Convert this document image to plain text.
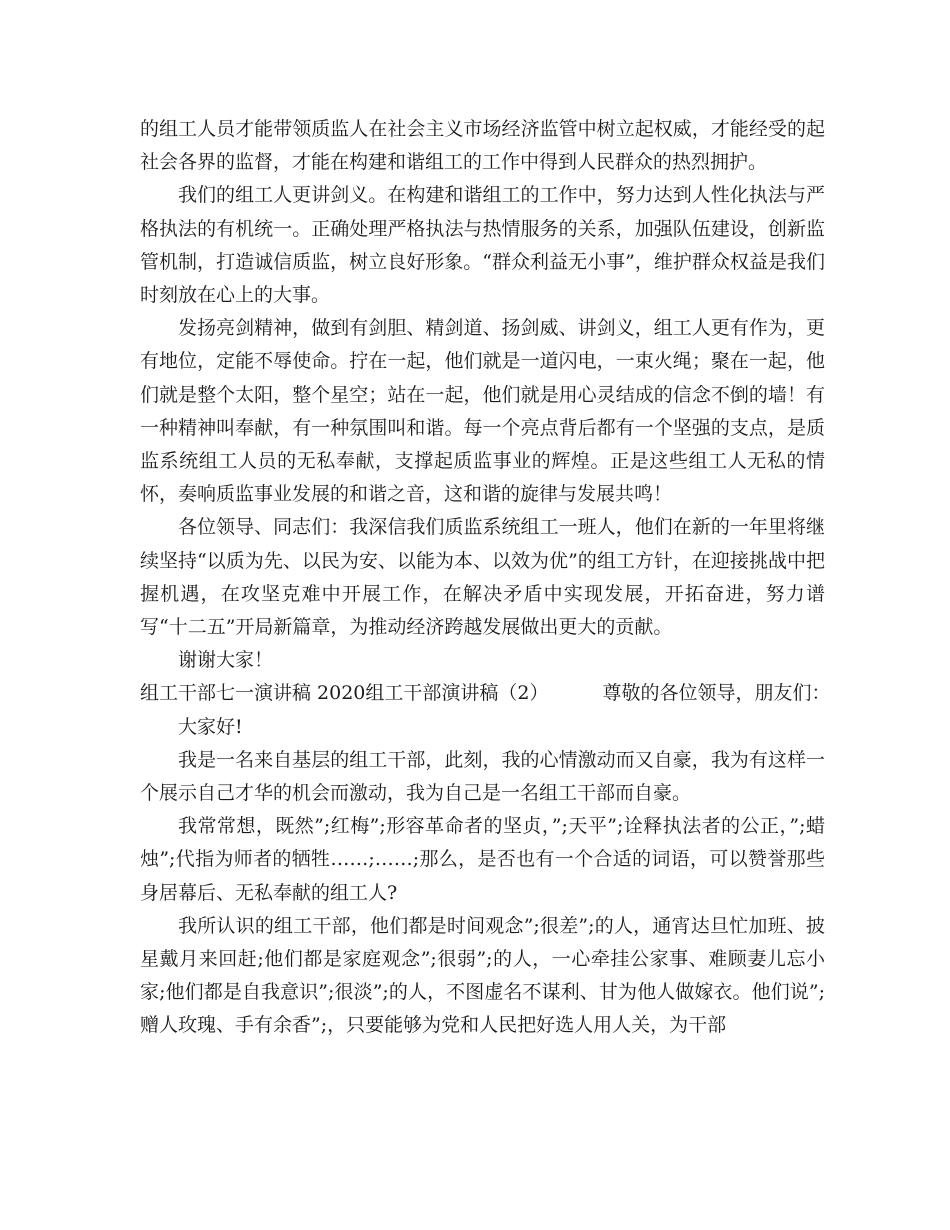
的组工人员才能带领质监人在社会主义市场经济监管中树立起权威，才能经受的起社会各界的监督，才能在构建和谐组工的工作中得到人民群众的热烈拥护。

我们的组工人更讲剑义。在构建和谐组工的工作中，努力达到人性化执法与严格执法的有机统一。正确处理严格执法与热情服务的关系，加强队伍建设，创新监管机制，打造诚信质监，树立良好形象。“群众利益无小事”，维护群众权益是我们时刻放在心上的大事。

发扬亮剑精神，做到有剑胆、精剑道、扬剑威、讲剑义，组工人更有作为，更有地位，定能不辱使命。拧在一起，他们就是一道闪电，一束火绳；聚在一起，他们就是整个太阳，整个星空；站在一起，他们就是用心灵结成的信念不倒的墙！有一种精神叫奉献，有一种氛围叫和谐。每一个亮点背后都有一个坚强的支点，是质监系统组工人员的无私奉献，支撑起质监事业的辉煌。正是这些组工人无私的情怀，奏响质监事业发展的和谐之音，这和谐的旋律与发展共鸣！

各位领导、同志们：我深信我们质监系统组工一班人，他们在新的一年里将继续坚持“以质为先、以民为安、以能为本、以效为优”的组工方针，在迎接挑战中把握机遇，在攻坚克难中开展工作，在解决矛盾中实现发展，开拓奋进，努力谱写“十二五”开局新篇章，为推动经济跨越发展做出更大的贡献。

谢谢大家！

组工干部七一演讲稿 2020组工干部演讲稿（2）	尊敬的各位领导，朋友们：

大家好!

我是一名来自基层的组工干部，此刻，我的心情激动而又自豪，我为有这样一个展示自己才华的机会而激动，我为自己是一名组工干部而自豪。

我常常想，既然”;红梅”;形容革命者的坚贞，”;天平”;诠释执法者的公正，”;蜡烛”;代指为师者的牺牲……;……;那么，是否也有一个合适的词语，可以赞誉那些身居幕后、无私奉献的组工人?

我所认识的组工干部，他们都是时间观念”;很差”;的人，通宵达旦忙加班、披星戴月来回赶;他们都是家庭观念”;很弱”;的人，一心牵挂公家事、难顾妻儿忘小家;他们都是自我意识”;很淡”;的人，不图虚名不谋利、甘为他人做嫁衣。他们说”;赠人玫瑰、手有余香”;，只要能够为党和人民把好选人用人关，为干部
